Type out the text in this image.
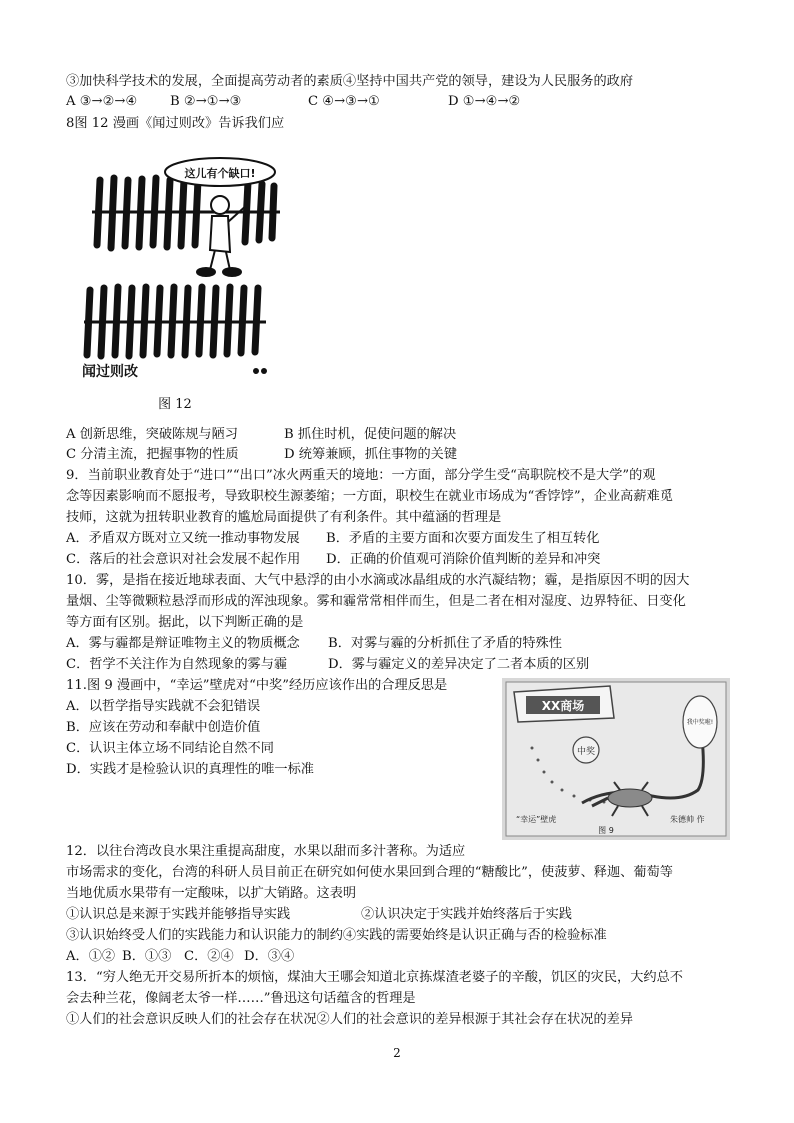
③加快科学技术的发展，全面提高劳动者的素质④坚持中国共产党的领导，建设为人民服务的政府
A ③→②→④ B ②→①→③	C ④→③→①	D ①→④→②
8图 12 漫画《闻过则改》告诉我们应
这儿有个缺口!
闻过则改
图 12
A 创新思维，突破陈规与陋习	B 抓住时机，促使问题的解决
C 分清主流，把握事物的性质	D 统筹兼顾，抓住事物的关键
9．当前职业教育处于“进口”“出口”冰火两重天的境地：一方面，部分学生受“高职院校不是大学”的观
念等因素影响而不愿报考，导致职校生源萎缩；一方面，职校生在就业市场成为“香饽饽”，企业高薪难觅
技师，这就为扭转职业教育的尴尬局面提供了有利条件。其中蕴涵的哲理是
A．矛盾双方既对立又统一推动事物发展 B．矛盾的主要方面和次要方面发生了相互转化
C．落后的社会意识对社会发展不起作用 D．正确的价值观可消除价值判断的差异和冲突
10．雾，是指在接近地球表面、大气中悬浮的由小水滴或冰晶组成的水汽凝结物；霾，是指原因不明的因大
量烟、尘等微颗粒悬浮而形成的浑浊现象。雾和霾常常相伴而生，但是二者在相对湿度、边界特征、日变化
等方面有区别。据此，以下判断正确的是
A．雾与霾都是辩证唯物主义的物质概念 B．对雾与霾的分析抓住了矛盾的特殊性
C．哲学不关注作为自然现象的雾与霾	D．雾与霾定义的差异决定了二者本质的区别
11.图 9 漫画中，“幸运”壁虎对“中奖”经历应该作出的合理反思是
A．以哲学指导实践就不会犯错误
B．应该在劳动和奉献中创造价值
C．认识主体立场不同结论自然不同
D．实践才是检验认识的真理性的唯一标准
XX商场
中奖
我中奖啦!
“幸运”壁虎	朱德帅 作
图 9
12．以往台湾改良水果注重提高甜度，水果以甜而多汁著称。为适应
市场需求的变化，台湾的科研人员目前正在研究如何使水果回到合理的“糖酸比”，使菠萝、释迦、葡萄等
当地优质水果带有一定酸味，以扩大销路。这表明
①认识总是来源于实践并能够指导实践	②认识决定于实践并始终落后于实践
③认识始终受人们的实践能力和认识能力的制约④实践的需要始终是认识正确与否的检验标准
A．①② B．①③ C．②④ D．③④
13．“穷人绝无开交易所折本的烦恼，煤油大王哪会知道北京拣煤渣老婆子的辛酸，饥区的灾民，大约总不
会去种兰花，像阔老太爷一样……”鲁迅这句话蕴含的哲理是
①人们的社会意识反映人们的社会存在状况②人们的社会意识的差异根源于其社会存在状况的差异
2
